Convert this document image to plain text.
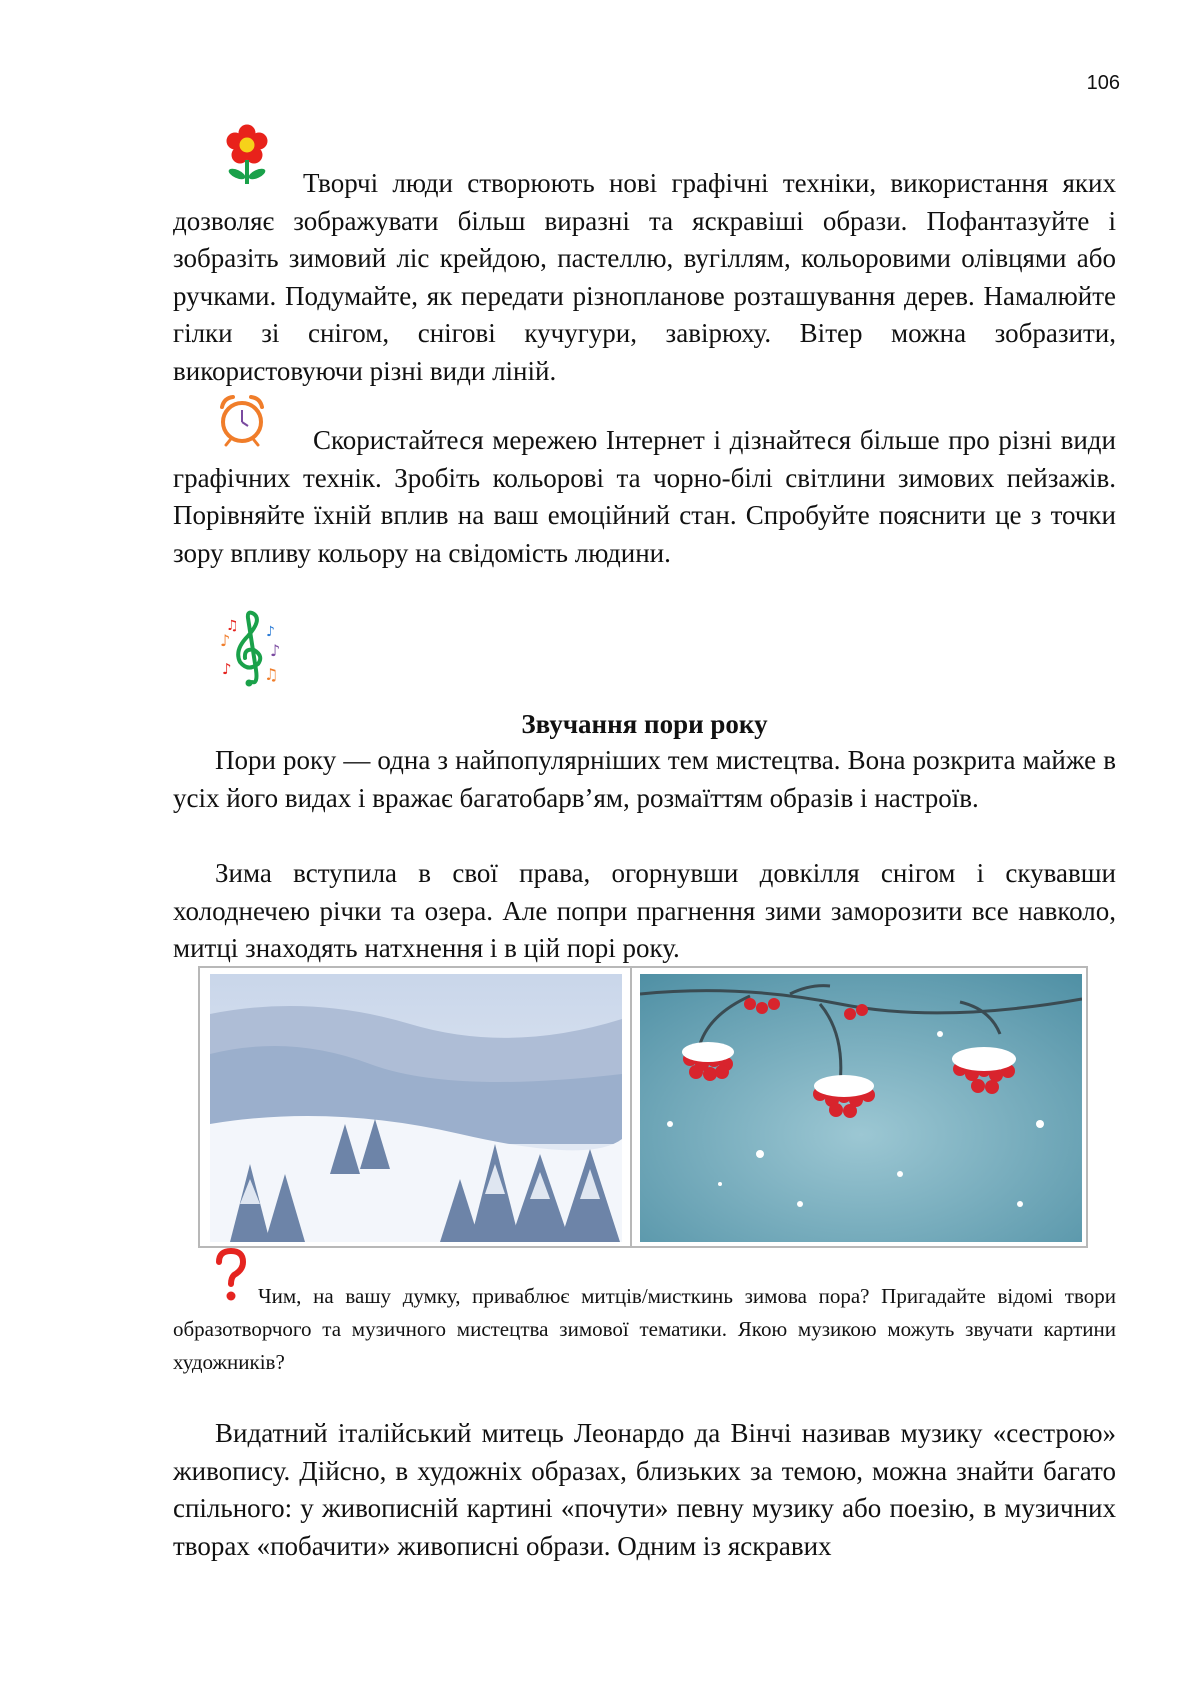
106

Творчі люди створюють нові графічні техніки, використання яких дозволяє зображувати більш виразні та яскравіші образи. Пофантазуйте і зобразіть зимовий ліс крейдою, пастеллю, вугіллям, кольоровими олівцями або ручками. Подумайте, як передати різнопланове розташування дерев. Намалюйте гілки зі снігом, снігові кучугури, завірюху. Вітер можна зобразити, використовуючи різні види ліній.

Скористайтеся мережею Інтернет і дізнайтеся більше про різні види графічних технік. Зробіть кольорові та чорно-білі світлини зимових пейзажів. Порівняйте їхній вплив на ваш емоційний стан. Спробуйте пояснити це з точки зору впливу кольору на свідомість людини.

♪
♫ ♪
♪
♪ ♫
Звучання пори року

Пори року — одна з найпопулярніших тем мистецтва. Вона розкрита майже в усіх його видах і вражає багатобарв’ям, розмаїттям образів і настроїв.

Зима вступила в свої права, огорнувши довкілля снігом і скувавши холоднечею річки та озера. Але попри прагнення зими заморозити все навколо, митці знаходять натхнення і в цій порі року.

Чим, на вашу думку, приваблює митців/мисткинь зимова пора? Пригадайте відомі твори образотворчого та музичного мистецтва зимової тематики. Якою музикою можуть звучати картини художників?

Видатний італійський митець Леонардо да Вінчі називав музику «сестрою» живопису. Дійсно, в художніх образах, близьких за темою, можна знайти багато спільного: у живописній картині «почути» певну музику або поезію, в музичних творах «побачити» живописні образи. Одним із яскравих
